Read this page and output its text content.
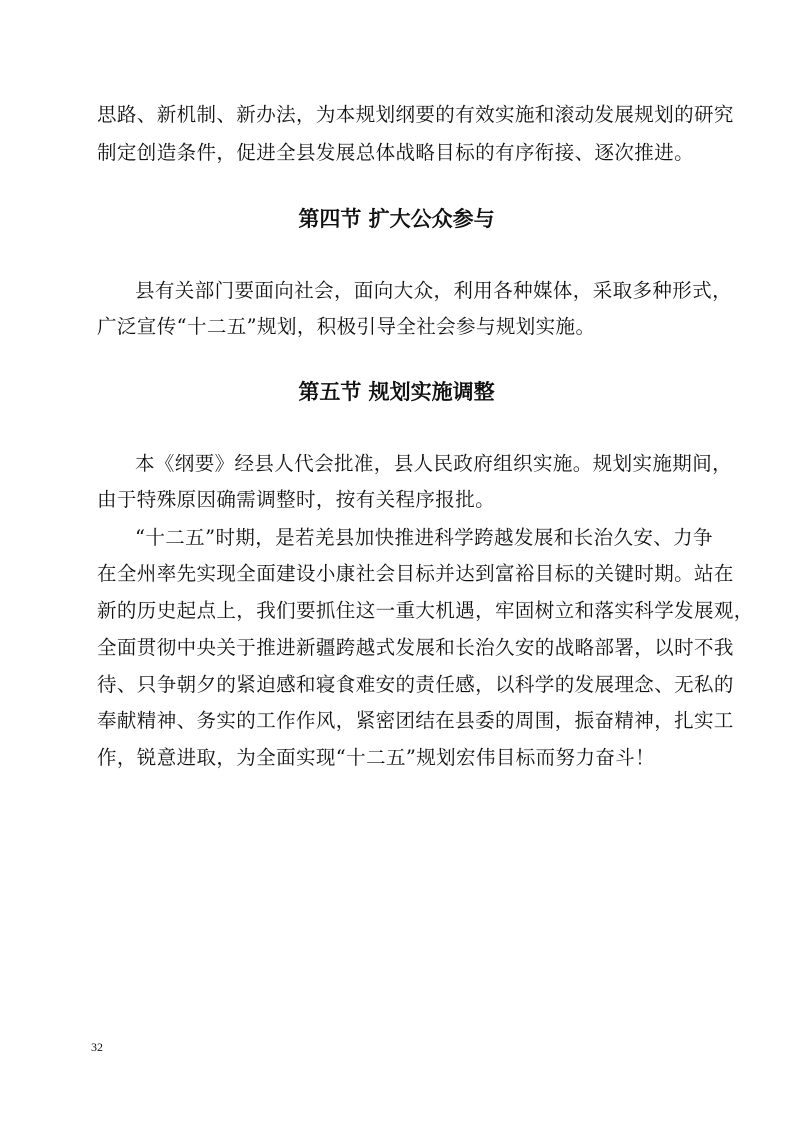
思路、新机制、新办法，为本规划纲要的有效实施和滚动发展规划的研究
制定创造条件，促进全县发展总体战略目标的有序衔接、逐次推进。
第四节 扩大公众参与
县有关部门要面向社会，面向大众，利用各种媒体，采取多种形式，
广泛宣传“十二五”规划，积极引导全社会参与规划实施。
第五节 规划实施调整
本《纲要》经县人代会批准，县人民政府组织实施。规划实施期间，
由于特殊原因确需调整时，按有关程序报批。
“十二五”时期，是若羌县加快推进科学跨越发展和长治久安、力争
在全州率先实现全面建设小康社会目标并达到富裕目标的关键时期。站在
新的历史起点上，我们要抓住这一重大机遇，牢固树立和落实科学发展观，
全面贯彻中央关于推进新疆跨越式发展和长治久安的战略部署，以时不我
待、只争朝夕的紧迫感和寝食难安的责任感，以科学的发展理念、无私的
奉献精神、务实的工作作风，紧密团结在县委的周围，振奋精神，扎实工
作，锐意进取，为全面实现“十二五”规划宏伟目标而努力奋斗！
32
